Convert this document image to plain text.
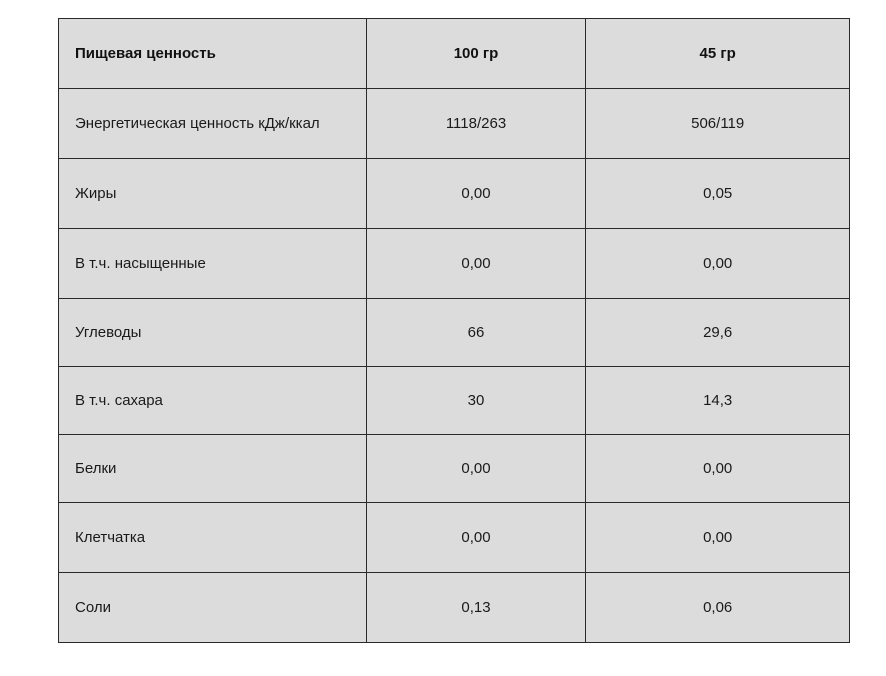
Пищевая ценность	100 гр	45 гр
Энергетическая ценность кДж/ккал	1118/263	506/119
Жиры	0,00	0,05
В т.ч. насыщенные	0,00	0,00
Углеводы	66	29,6
В т.ч. сахара	30	14,3
Белки	0,00	0,00
Клетчатка	0,00	0,00
Соли	0,13	0,06
